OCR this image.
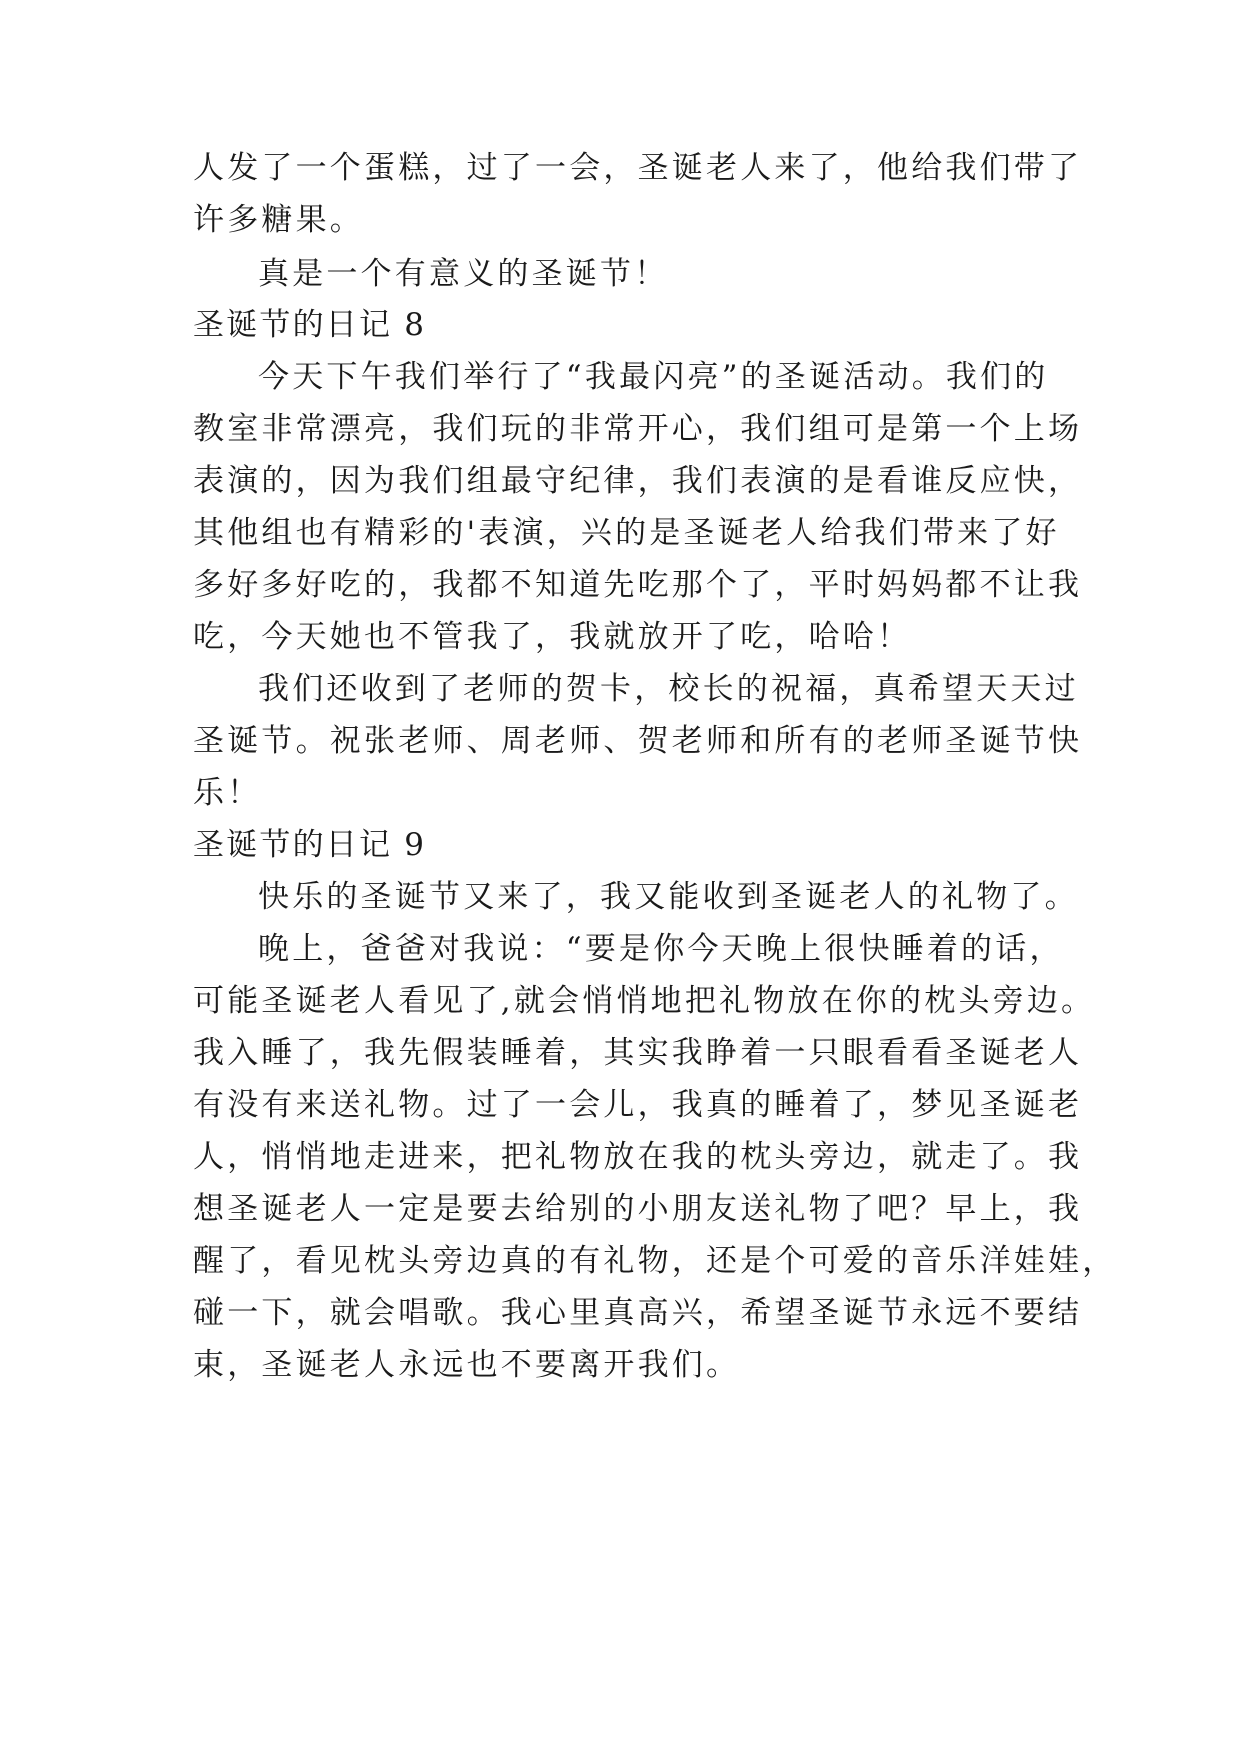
人发了一个蛋糕，过了一会，圣诞老人来了，他给我们带了
许多糖果。
真是一个有意义的圣诞节！
圣诞节的日记 8
今天下午我们举行了“我最闪亮”的圣诞活动。我们的
教室非常漂亮，我们玩的非常开心，我们组可是第一个上场
表演的，因为我们组最守纪律，我们表演的是看谁反应快，
其他组也有精彩的'表演，兴的是圣诞老人给我们带来了好
多好多好吃的，我都不知道先吃那个了，平时妈妈都不让我
吃，今天她也不管我了，我就放开了吃，哈哈！
我们还收到了老师的贺卡，校长的祝福，真希望天天过
圣诞节。祝张老师、周老师、贺老师和所有的老师圣诞节快
乐！
圣诞节的日记 9
快乐的圣诞节又来了，我又能收到圣诞老人的礼物了。
晚上，爸爸对我说：“要是你今天晚上很快睡着的话，
可能圣诞老人看见了,就会悄悄地把礼物放在你的枕头旁边。
我入睡了，我先假装睡着，其实我睁着一只眼看看圣诞老人
有没有来送礼物。过了一会儿，我真的睡着了，梦见圣诞老
人，悄悄地走进来，把礼物放在我的枕头旁边，就走了。我
想圣诞老人一定是要去给别的小朋友送礼物了吧？早上，我
醒了，看见枕头旁边真的有礼物，还是个可爱的音乐洋娃娃，
碰一下，就会唱歌。我心里真高兴，希望圣诞节永远不要结
束，圣诞老人永远也不要离开我们。
